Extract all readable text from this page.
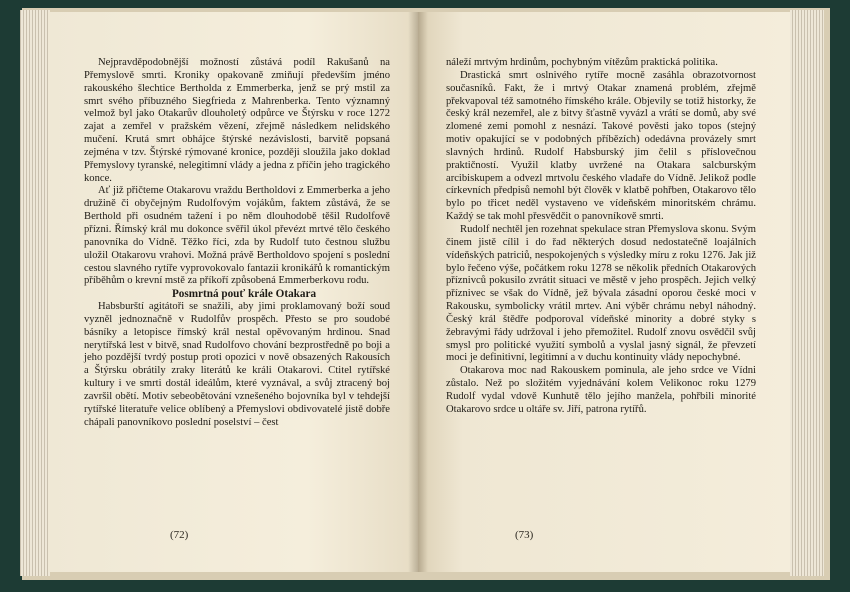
Nejpravděpodobnější možností zůstává podíl Rakušanů na Přemyslově smrti. Kroniky opakovaně zmiňují především jméno rakouského šlechtice Bertholda z Emmerberka, jenž se prý mstil za smrt svého příbuzného Siegfrieda z Mahrenberka. Tento významný velmož byl jako Otakarův dlouholetý odpůrce ve Štýrsku v roce 1272 zajat a zemřel v pražském vězení, zřejmě následkem nelidského mučení. Krutá smrt obhájce štýrské nezávislosti, barvitě popsaná zejména v tzv. Štýrské rýmované kronice, později sloužila jako doklad Přemyslovy tyranské, nelegitimní vlády a jedna z příčin jeho tragického konce.

Ať již přičteme Otakarovu vraždu Bertholdovi z Emmerberka a jeho družině či obyčejným Rudolfovým vojákům, faktem zůstává, že se Berthold při osudném tažení i po něm dlouhodobě těšil Rudolfově přízni. Římský král mu dokonce svěřil úkol převézt mrtvé tělo českého panovníka do Vídně. Těžko říci, zda by Rudolf tuto čestnou službu uložil Otakarovu vrahovi. Možná právě Bertholdovo spojení s poslední cestou slavného rytíře vyprovokovalo fantazii kronikářů k romantickým příběhům o krevní mstě za příkoří způsobená Emmerberkovu rodu.

Posmrtná pouť krále Otakara

Habsburští agitátoři se snažili, aby jimi proklamovaný boží soud vyzněl jednoznačně v Rudolfův prospěch. Přesto se pro soudobé básníky a letopisce římský král nestal opěvovaným hrdinou. Snad nerytířská lest v bitvě, snad Rudolfovo chování bezprostředně po boji a jeho pozdější tvrdý postup proti opozici v nově obsazených Rakousích a Štýrsku obrátily zraky literátů ke králi Otakarovi. Ctitel rytířské kultury i ve smrti dostál ideálům, které vyznával, a svůj ztracený boj završil obětí. Motiv sebeobětování vznešeného bojovníka byl v tehdejší rytířské literatuře velice oblíbený a Přemyslovi obdivovatelé jistě dobře chápali panovníkovo poslední poselství – čest

(72)

náleží mrtvým hrdinům, pochybným vítězům praktická politika.

Drastická smrt oslnivého rytíře mocně zasáhla obrazotvornost současníků. Fakt, že i mrtvý Otakar znamená problém, zřejmě překvapoval též samotného římského krále. Objevily se totiž historky, že český král nezemřel, ale z bitvy šťastně vyvázl a vrátí se domů, aby své zlomené zemi pomohl z nesnází. Takové pověsti jako topos (stejný motiv opakující se v podobných příbězích) odedávna provázely smrt slavných hrdinů. Rudolf Habsburský jim čelil s příslovečnou praktičností. Využil klatby uvržené na Otakara salcburským arcibiskupem a odvezl mrtvolu českého vladaře do Vídně. Jelikož podle církevních předpisů nemohl být člověk v klatbě pohřben, Otakarovo tělo bylo po třicet neděl vystaveno ve vídeňském minoritském chrámu. Každý se tak mohl přesvědčit o panovníkově smrti.

Rudolf nechtěl jen rozehnat spekulace stran Přemyslova skonu. Svým činem jistě cílil i do řad některých dosud nedostatečně loajálních vídeňských patriciů, nespokojených s výsledky míru z roku 1276. Jak již bylo řečeno výše, počátkem roku 1278 se několik předních Otakarových příznivců pokusilo zvrátit situaci ve městě v jeho prospěch. Jejich velký příznivec se však do Vídně, jež bývala zásadní oporou české moci v Rakousku, symbolicky vrátil mrtev. Ani výběr chrámu nebyl náhodný. Český král štědře podporoval vídeňské minority a dobré styky s žebravými řády udržoval i jeho přemožitel. Rudolf znovu osvědčil svůj smysl pro politické využití symbolů a vyslal jasný signál, že převzetí moci je definitivní, legitimní a v duchu kontinuity vlády nepochybné.

Otakarova moc nad Rakouskem pominula, ale jeho srdce ve Vídni zůstalo. Než po složitém vyjednávání kolem Velikonoc roku 1279 Rudolf vydal vdově Kunhutě tělo jejího manžela, pohřbili minorité Otakarovo srdce u oltáře sv. Jiří, patrona rytířů.

(73)
